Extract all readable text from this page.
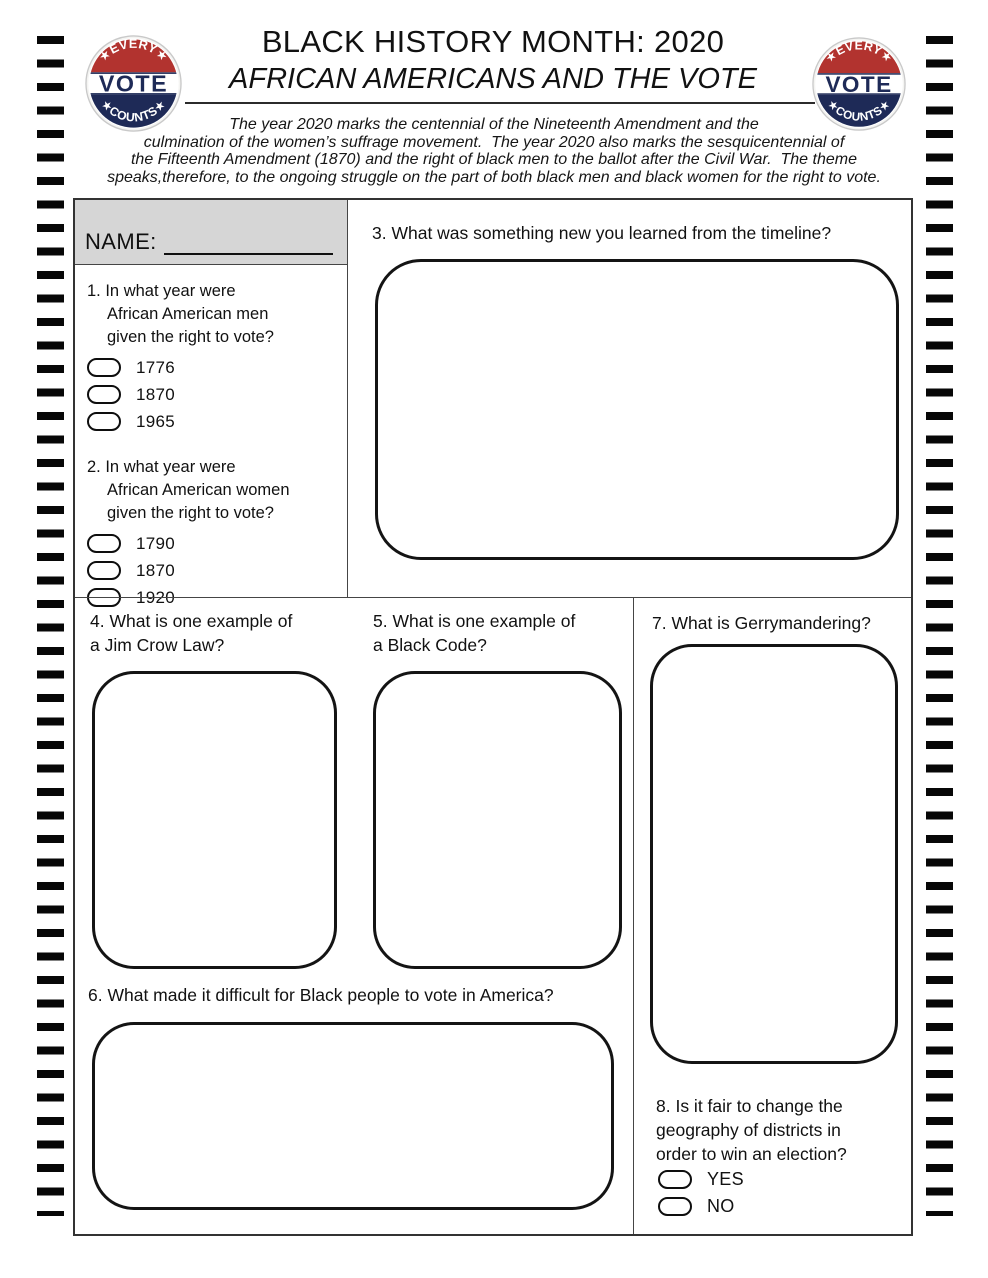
★EVERY★
VOTE
★COUNTS★
★EVERY★
VOTE
★COUNTS★
BLACK HISTORY MONTH: 2020
AFRICAN AMERICANS AND THE VOTE
The year 2020 marks the centennial of the Nineteenth Amendment and the
culmination of the women’s suffrage movement.  The year 2020 also marks the sesquicentennial of
the Fifteenth Amendment (1870) and the right of black men to the ballot after the Civil War.  The theme
speaks,therefore, to the ongoing struggle on the part of both black men and black women for the right to vote.
NAME:
1. In what year were
African American men
given the right to vote?
1776
1870
1965
2. In what year were
African American women
given the right to vote?
1790
1870
1920
3. What was something new you learned from the timeline?
4. What is one example of
a Jim Crow Law?
5. What is one example of
a Black Code?
6. What made it difficult for Black people to vote in America?
7. What is Gerrymandering?
8. Is it fair to change the
geography of districts in
order to win an election?
YES
NO
